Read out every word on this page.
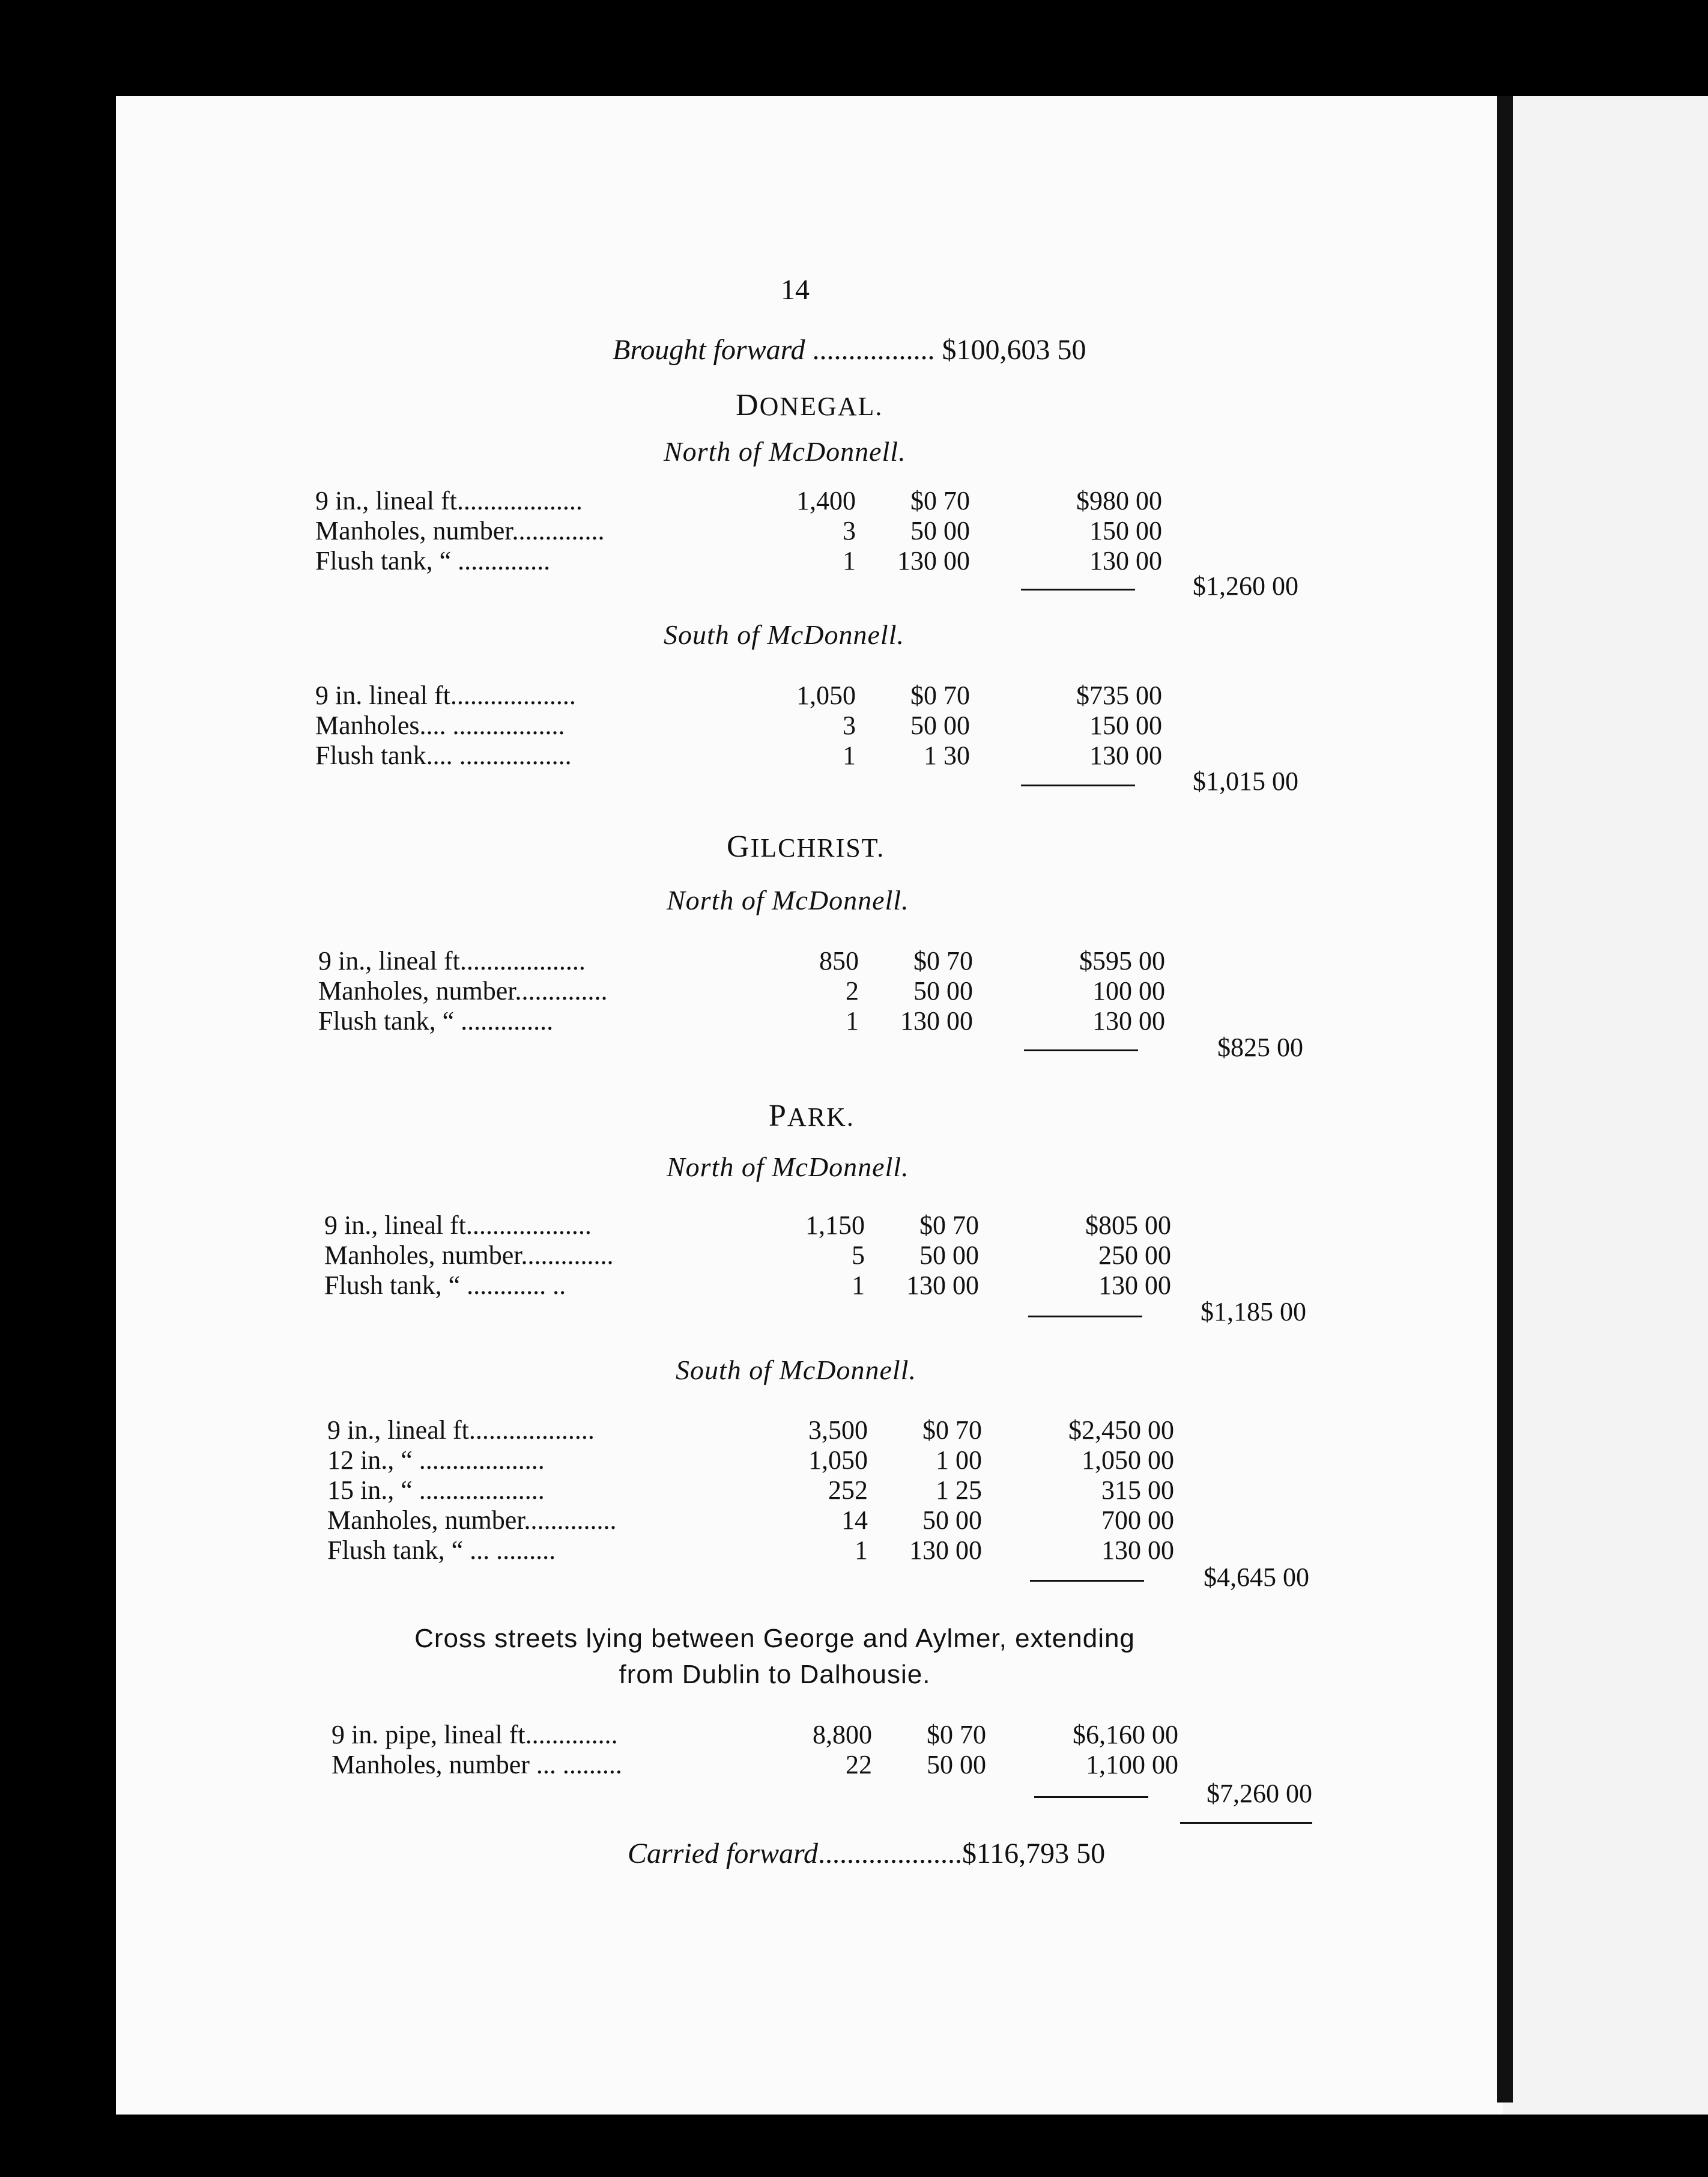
14
Brought forward ................. $100,603 50
DONEGAL.
North of McDonnell.
9 in., lineal ft...................	1,400	$0 70	$980 00
Manholes, number..............	3	50 00	150 00
Flush tank, “ ..............	1	130 00	130 00
$1,260 00
South of McDonnell.
9 in. lineal ft...................	1,050	$0 70	$735 00
Manholes.... .................	3	50 00	150 00
Flush tank.... .................	1	1 30	130 00
$1,015 00
GILCHRIST.
North of McDonnell.
9 in., lineal ft...................	850	$0 70	$595 00
Manholes, number..............	2	50 00	100 00
Flush tank, “ ..............	1	130 00	130 00
$825 00
PARK.
North of McDonnell.
9 in., lineal ft...................	1,150	$0 70	$805 00
Manholes, number..............	5	50 00	250 00
Flush tank, “ ............ ..	1	130 00	130 00
$1,185 00
South of McDonnell.
9 in., lineal ft...................	3,500	$0 70	$2,450 00
12 in., “ ...................	1,050	1 00	1,050 00
15 in., “ ...................	252	1 25	315 00
Manholes, number..............	14	50 00	700 00
Flush tank, “ ... .........	1	130 00	130 00
$4,645 00
Cross streets lying between George and Aylmer, extending
from Dublin to Dalhousie.
9 in. pipe, lineal ft..............	8,800	$0 70	$6,160 00
Manholes, number ... .........	22	50 00	1,100 00
$7,260 00
Carried forward....................$116,793 50
